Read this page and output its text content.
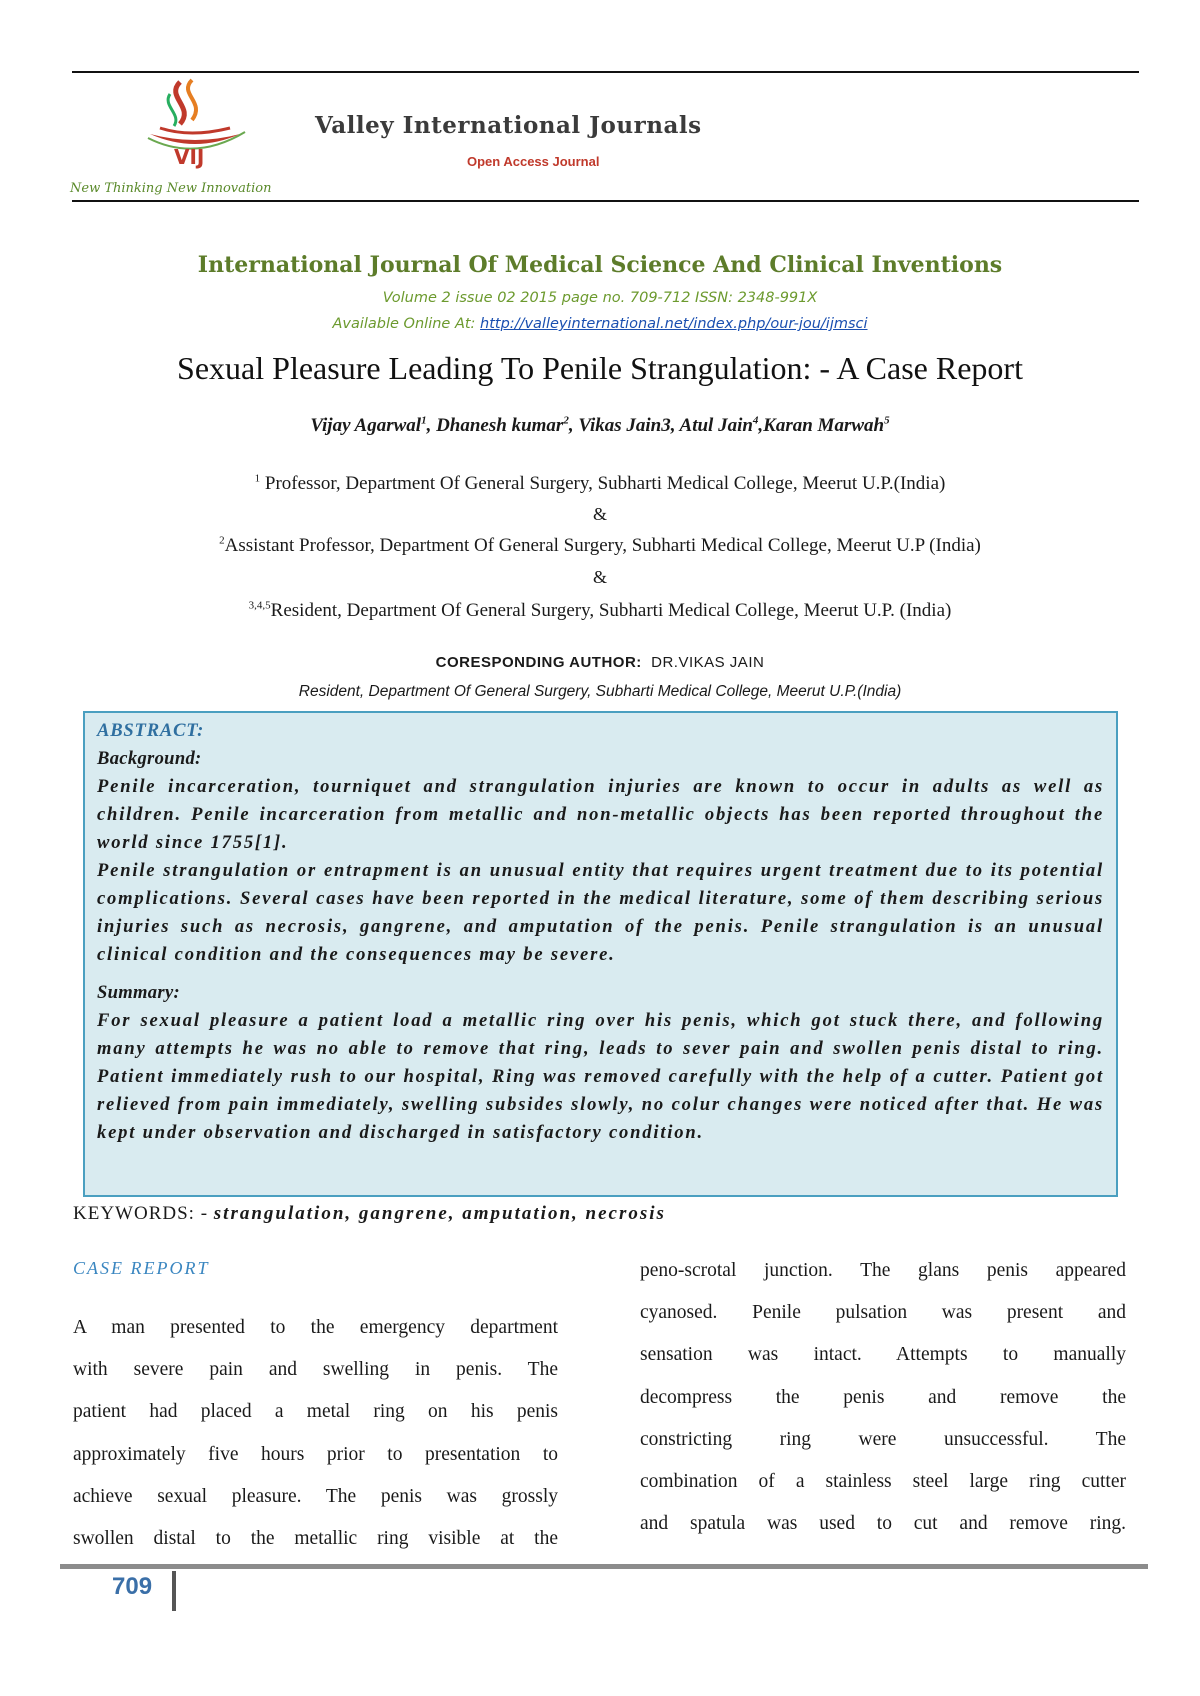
VIJ
Valley International Journals
Open Access Journal
New Thinking New Innovation
International Journal Of Medical Science And Clinical Inventions
Volume 2 issue 02 2015 page no. 709-712 ISSN: 2348-991X
Available Online At: http://valleyinternational.net/index.php/our-jou/ijmsci
Sexual Pleasure Leading To Penile Strangulation: - A Case Report
Vijay Agarwal$^1$, Dhanesh kumar$^2$, Vikas Jain3, Atul Jain$^4$,Karan Marwah$^5$
$^1$ Professor, Department Of General Surgery, Subharti Medical College, Meerut U.P.(India)
&
$^2$Assistant Professor, Department Of General Surgery, Subharti Medical College, Meerut U.P (India)
&
$^{3,4,5}$Resident, Department Of General Surgery, Subharti Medical College, Meerut U.P. (India)
CORESPONDING AUTHOR: DR.VIKAS JAIN
Resident, Department Of General Surgery, Subharti Medical College, Meerut U.P.(India)
ABSTRACT:
Background:

Penile incarceration, tourniquet and strangulation injuries are known to occur in adults as well as children. Penile incarceration from metallic and non-metallic objects has been reported throughout the world since 1755[1].

Penile strangulation or entrapment is an unusual entity that requires urgent treatment due to its potential complications. Several cases have been reported in the medical literature, some of them describing serious injuries such as necrosis, gangrene, and amputation of the penis. Penile strangulation is an unusual clinical condition and the consequences may be severe.

Summary:

For sexual pleasure a patient load a metallic ring over his penis, which got stuck there, and following many attempts he was no able to remove that ring, leads to sever pain and swollen penis distal to ring. Patient immediately rush to our hospital, Ring was removed carefully with the help of a cutter. Patient got relieved from pain immediately, swelling subsides slowly, no colur changes were noticed after that. He was kept under observation and discharged in satisfactory condition.

KEYWORDS: - strangulation, gangrene, amputation, necrosis
CASE REPORT
A man presented to the emergency department
with severe pain and swelling in penis. The
patient had placed a metal ring on his penis
approximately five hours prior to presentation to
achieve sexual pleasure. The penis was grossly
swollen distal to the metallic ring visible at the
peno-scrotal junction. The glans penis appeared
cyanosed. Penile pulsation was present and
sensation was intact. Attempts to manually
decompress the penis and remove the
constricting ring were unsuccessful. The
combination of a stainless steel large ring cutter
and spatula was used to cut and remove ring.
709
